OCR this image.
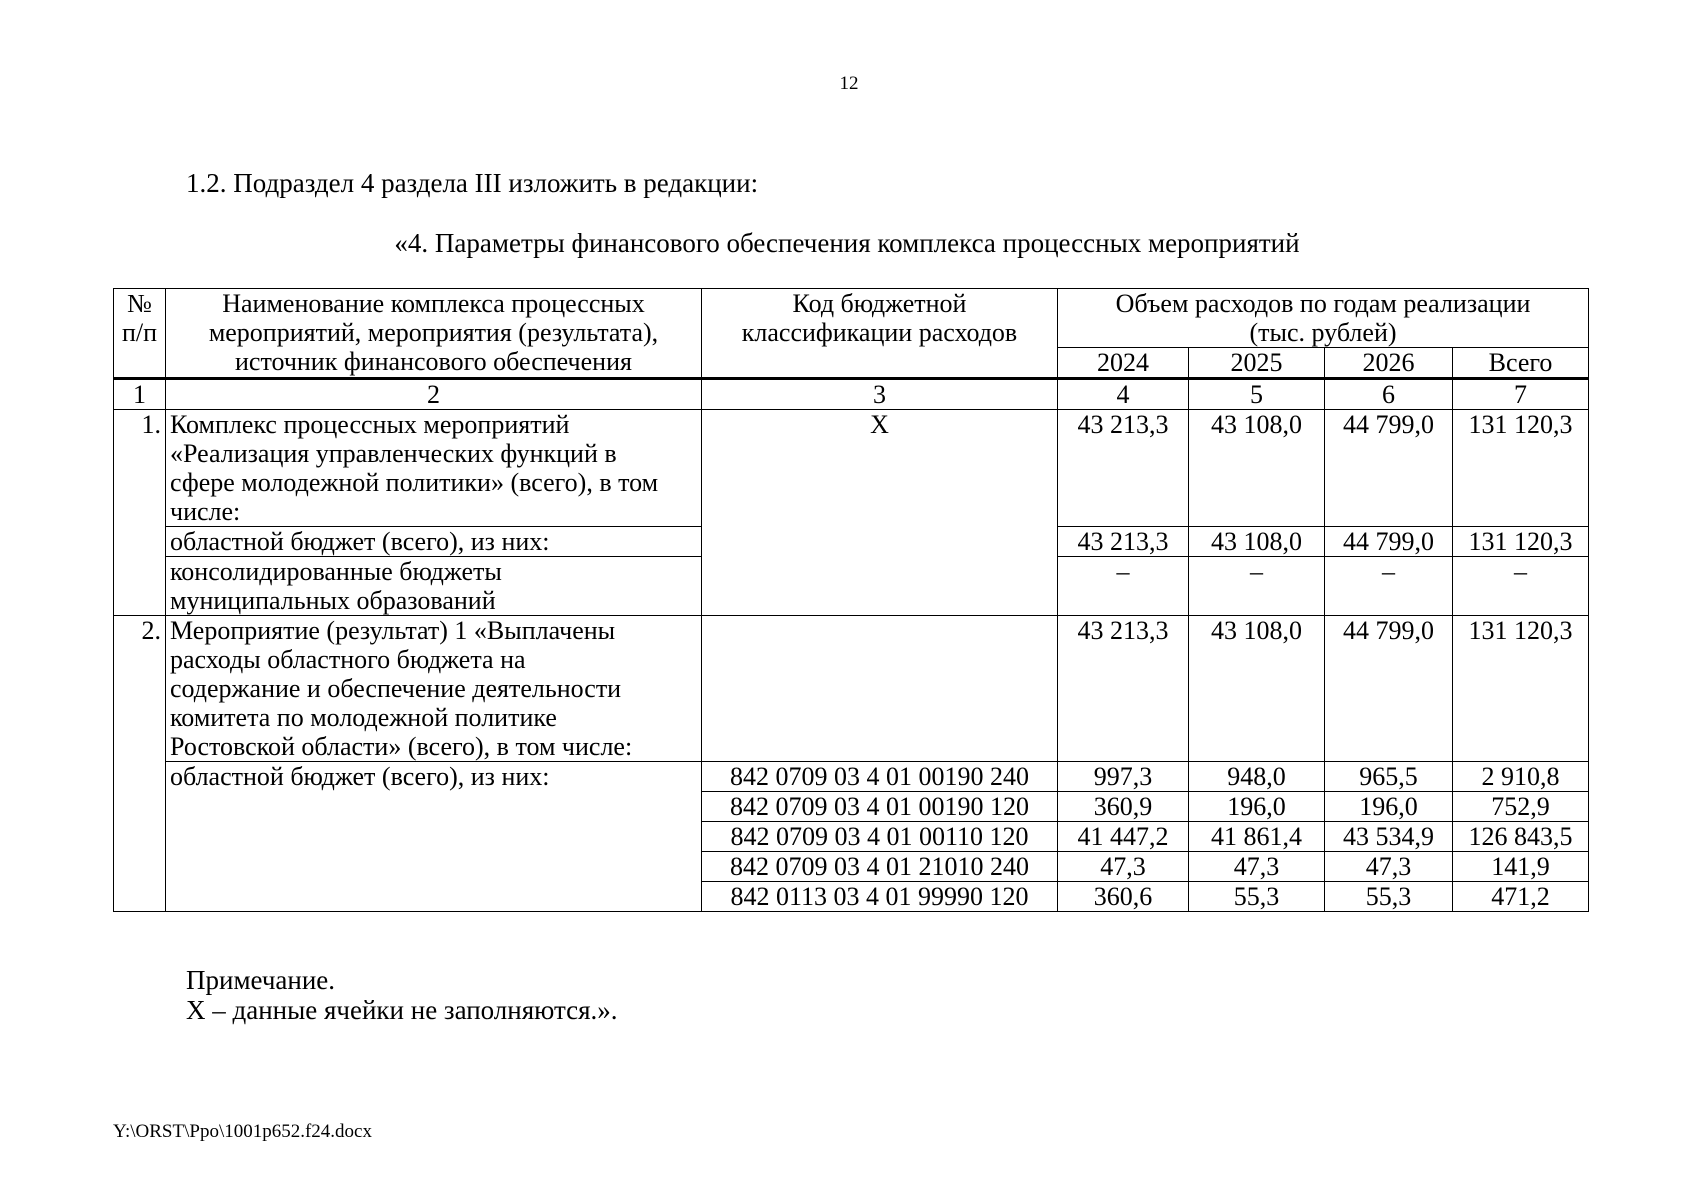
12
1.2. Подраздел 4 раздела III изложить в редакции:
«4. Параметры финансового обеспечения комплекса процессных мероприятий
№ п/п	Наименование комплекса процессных мероприятий, мероприятия (результата), источник финансового обеспечения	Код бюджетной классификации расходов	Объем расходов по годам реализации (тыс. рублей)			
			2024	2025	2026	Всего
1	2	3	4	5	6	7
1.	Комплекс процессных мероприятий «Реализация управленческих функций в сфере молодежной политики» (всего), в том числе:	Х	43 213,3	43 108,0	44 799,0	131 120,3
	областной бюджет (всего), из них:		43 213,3	43 108,0	44 799,0	131 120,3
	консолидированные бюджеты муниципальных образований		–	–	–	–
2.	Мероприятие (результат) 1 «Выплачены расходы областного бюджета на содержание и обеспечение деятельности комитета по молодежной политике Ростовской области» (всего), в том числе:		43 213,3	43 108,0	44 799,0	131 120,3
	областной бюджет (всего), из них:	842 0709 03 4 01 00190 240	997,3	948,0	965,5	2 910,8
		842 0709 03 4 01 00190 120	360,9	196,0	196,0	752,9
		842 0709 03 4 01 00110 120	41 447,2	41 861,4	43 534,9	126 843,5
		842 0709 03 4 01 21010 240	47,3	47,3	47,3	141,9
		842 0113 03 4 01 99990 120	360,6	55,3	55,3	471,2
Примечание.
Х – данные ячейки не заполняются.».
Y:\ORST\Ppo\1001p652.f24.docx
